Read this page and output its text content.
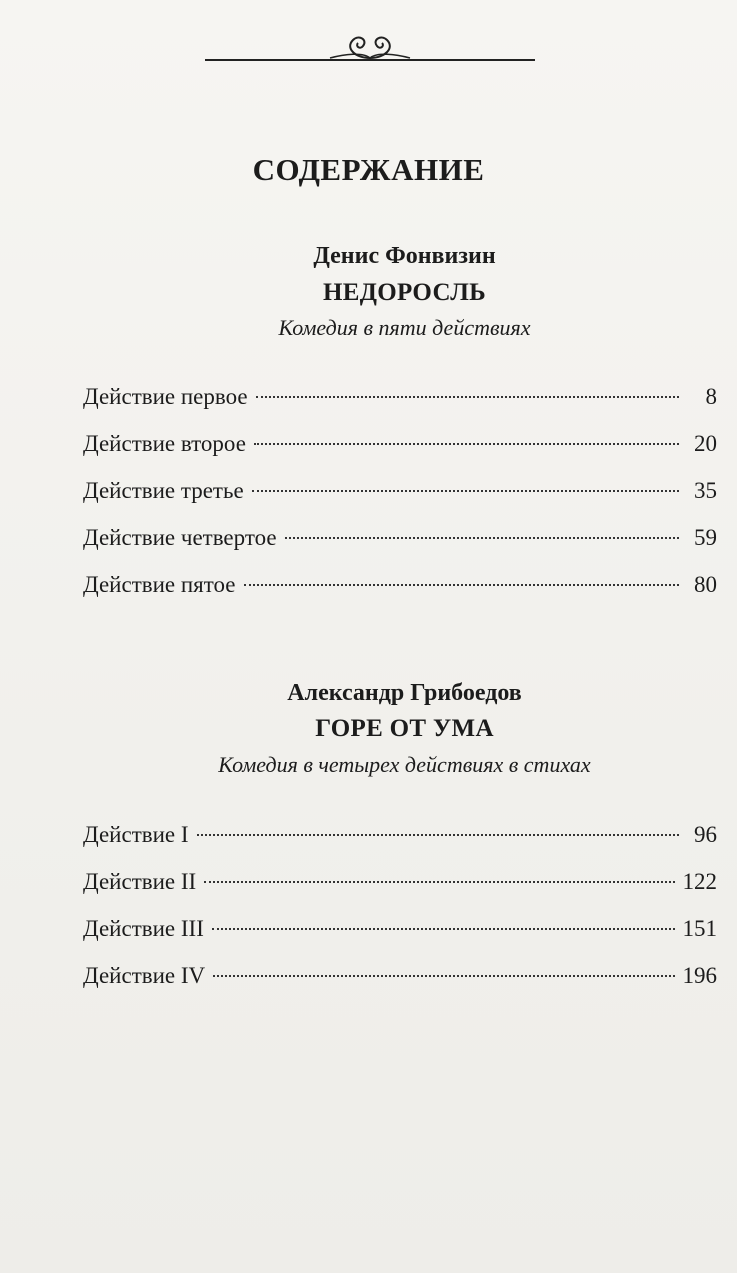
СОДЕРЖАНИЕ
Денис Фонвизин
НЕДОРОСЛЬ
Комедия в пяти действиях
Действие первое	8
Действие второе	20
Действие третье	35
Действие четвертое	59
Действие пятое	80
Александр Грибоедов
ГОРЕ ОТ УМА
Комедия в четырех действиях в стихах
Действие I	96
Действие II	122
Действие III	151
Действие IV	196
